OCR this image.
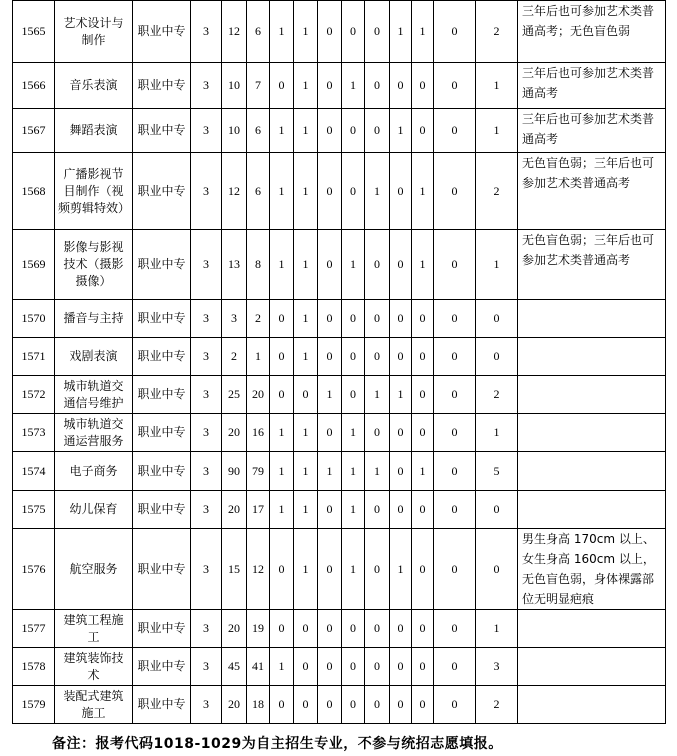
1565	艺术设计与制作	职业中专	3	12	6	1	1	0	0	0	1	1	0	2	三年后也可参加艺术类普通高考；无色盲色弱
1566	音乐表演	职业中专	3	10	7	0	1	0	1	0	0	0	0	1	三年后也可参加艺术类普通高考
1567	舞蹈表演	职业中专	3	10	6	1	1	0	0	0	1	0	0	1	三年后也可参加艺术类普通高考
1568	广播影视节目制作（视频剪辑特效）	职业中专	3	12	6	1	1	0	0	1	0	1	0	2	无色盲色弱；三年后也可参加艺术类普通高考
1569	影像与影视技术（摄影摄像）	职业中专	3	13	8	1	1	0	1	0	0	1	0	1	无色盲色弱；三年后也可参加艺术类普通高考
1570	播音与主持	职业中专	3	3	2	0	1	0	0	0	0	0	0	0	
1571	戏剧表演	职业中专	3	2	1	0	1	0	0	0	0	0	0	0	
1572	城市轨道交通信号维护	职业中专	3	25	20	0	0	1	0	1	1	0	0	2	
1573	城市轨道交通运营服务	职业中专	3	20	16	1	1	0	1	0	0	0	0	1	
1574	电子商务	职业中专	3	90	79	1	1	1	1	1	0	1	0	5	
1575	幼儿保育	职业中专	3	20	17	1	1	0	1	0	0	0	0	0	
1576	航空服务	职业中专	3	15	12	0	1	0	1	0	1	0	0	0	男生身高 170cm 以上、女生身高 160cm 以上，无色盲色弱，身体裸露部位无明显疤痕
1577	建筑工程施工	职业中专	3	20	19	0	0	0	0	0	0	0	0	1	
1578	建筑装饰技术	职业中专	3	45	41	1	0	0	0	0	0	0	0	3	
1579	装配式建筑施工	职业中专	3	20	18	0	0	0	0	0	0	0	0	2	
备注：报考代码1018-1029为自主招生专业，不参与统招志愿填报。
